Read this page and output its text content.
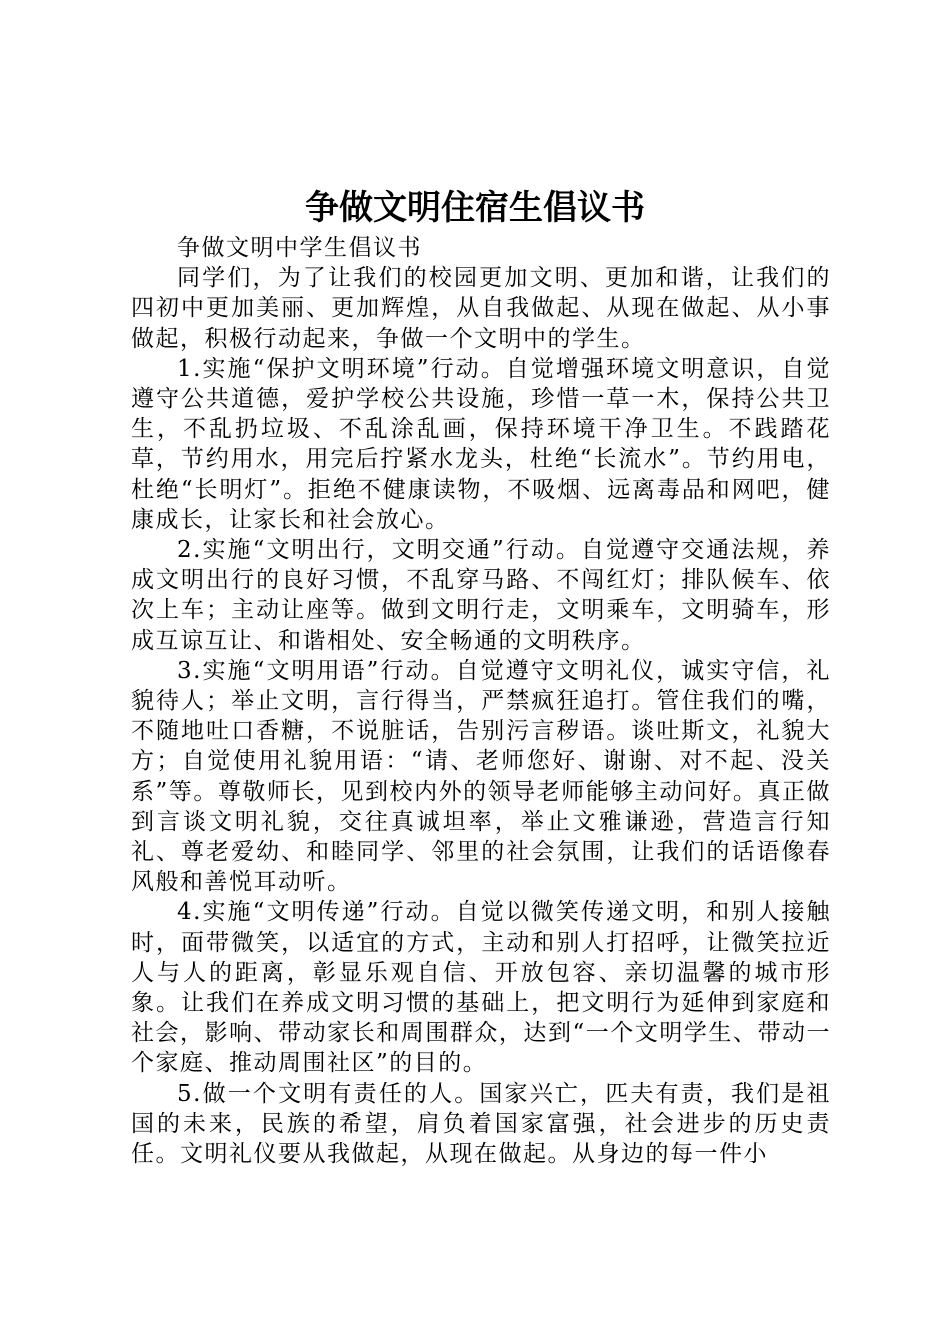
争做文明住宿生倡议书

争做文明中学生倡议书

同学们，为了让我们的校园更加文明、更加和谐，让我们的四初中更加美丽、更加辉煌，从自我做起、从现在做起、从小事做起，积极行动起来，争做一个文明中的学生。

1.实施“保护文明环境”行动。自觉增强环境文明意识，自觉遵守公共道德，爱护学校公共设施，珍惜一草一木，保持公共卫生，不乱扔垃圾、不乱涂乱画，保持环境干净卫生。不践踏花草，节约用水，用完后拧紧水龙头，杜绝“长流水”。节约用电，杜绝“长明灯”。拒绝不健康读物，不吸烟、远离毒品和网吧，健康成长，让家长和社会放心。

2.实施“文明出行，文明交通”行动。自觉遵守交通法规，养成文明出行的良好习惯，不乱穿马路、不闯红灯；排队候车、依次上车；主动让座等。做到文明行走，文明乘车，文明骑车，形成互谅互让、和谐相处、安全畅通的文明秩序。

3.实施“文明用语”行动。自觉遵守文明礼仪，诚实守信，礼貌待人；举止文明，言行得当，严禁疯狂追打。管住我们的嘴，不随地吐口香糖，不说脏话，告别污言秽语。谈吐斯文，礼貌大方；自觉使用礼貌用语：“请、老师您好、谢谢、对不起、没关系”等。尊敬师长，见到校内外的领导老师能够主动问好。真正做到言谈文明礼貌，交往真诚坦率，举止文雅谦逊，营造言行知礼、尊老爱幼、和睦同学、邻里的社会氛围，让我们的话语像春风般和善悦耳动听。

4.实施“文明传递”行动。自觉以微笑传递文明，和别人接触时，面带微笑，以适宜的方式，主动和别人打招呼，让微笑拉近人与人的距离，彰显乐观自信、开放包容、亲切温馨的城市形象。让我们在养成文明习惯的基础上，把文明行为延伸到家庭和社会，影响、带动家长和周围群众，达到“一个文明学生、带动一个家庭、推动周围社区”的目的。

5.做一个文明有责任的人。国家兴亡，匹夫有责，我们是祖国的未来，民族的希望，肩负着国家富强，社会进步的历史责任。文明礼仪要从我做起，从现在做起。从身边的每一件小
